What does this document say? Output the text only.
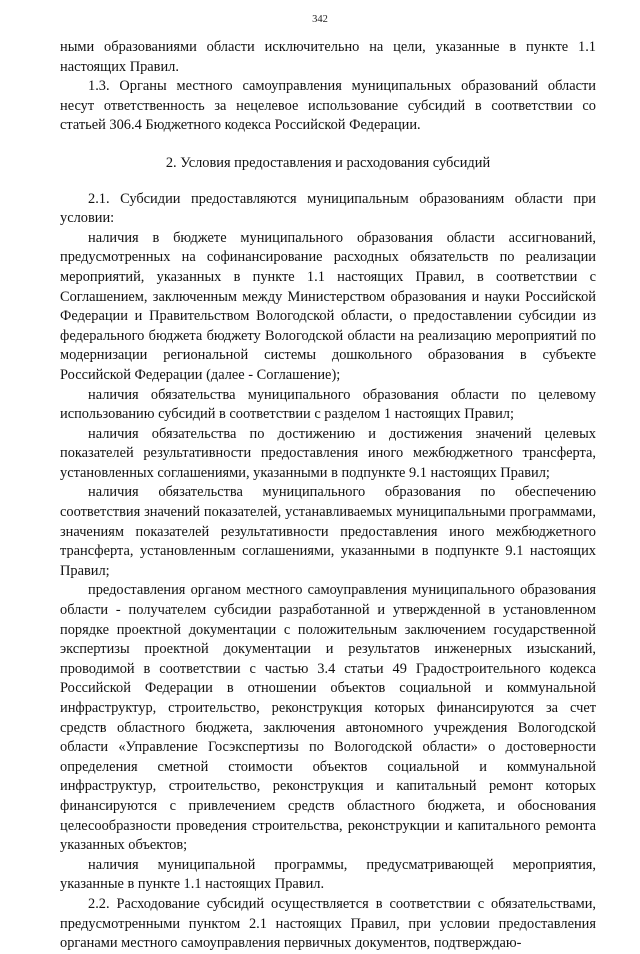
342

ными образованиями области исключительно на цели, указанные в пункте 1.1 настоящих Правил.

1.3. Органы местного самоуправления муниципальных образований области несут ответственность за нецелевое использование субсидий в соответствии со статьей 306.4 Бюджетного кодекса Российской Федерации.

2. Условия предоставления и расходования субсидий

2.1. Субсидии предоставляются муниципальным образованиям области при условии:

наличия в бюджете муниципального образования области ассигнований, предусмотренных на софинансирование расходных обязательств по реализации мероприятий, указанных в пункте 1.1 настоящих Правил, в соответствии с Соглашением, заключенным между Министерством образования и науки Российской Федерации и Правительством Вологодской области, о предоставлении субсидии из федерального бюджета бюджету Вологодской области на реализацию мероприятий по модернизации региональной системы дошкольного образования в субъекте Российской Федерации (далее - Соглашение);

наличия обязательства муниципального образования области по целевому использованию субсидий в соответствии с разделом 1 настоящих Правил;

наличия обязательства по достижению и достижения значений целевых показателей результативности предоставления иного межбюджетного трансферта, установленных соглашениями, указанными в подпункте 9.1 настоящих Правил;

наличия обязательства муниципального образования по обеспечению соответствия значений показателей, устанавливаемых муниципальными программами, значениям показателей результативности предоставления иного межбюджетного трансферта, установленным соглашениями, указанными в подпункте 9.1 настоящих Правил;

предоставления органом местного самоуправления муниципального образования области - получателем субсидии разработанной и утвержденной в установленном порядке проектной документации с положительным заключением государственной экспертизы проектной документации и результатов инженерных изысканий, проводимой в соответствии с частью 3.4 статьи 49 Градостроительного кодекса Российской Федерации в отношении объектов социальной и коммунальной инфраструктур, строительство, реконструкция которых финансируются за счет средств областного бюджета, заключения автономного учреждения Вологодской области «Управление Госэкспертизы по Вологодской области» о достоверности определения сметной стоимости объектов социальной и коммунальной инфраструктур, строительство, реконструкция и капитальный ремонт которых финансируются с привлечением средств областного бюджета, и обоснования целесообразности проведения строительства, реконструкции и капитального ремонта указанных объектов;

наличия муниципальной программы, предусматривающей мероприятия, указанные в пункте 1.1 настоящих Правил.

2.2. Расходование субсидий осуществляется в соответствии с обязательствами, предусмотренными пунктом 2.1 настоящих Правил, при условии предоставления органами местного самоуправления первичных документов, подтверждаю-
